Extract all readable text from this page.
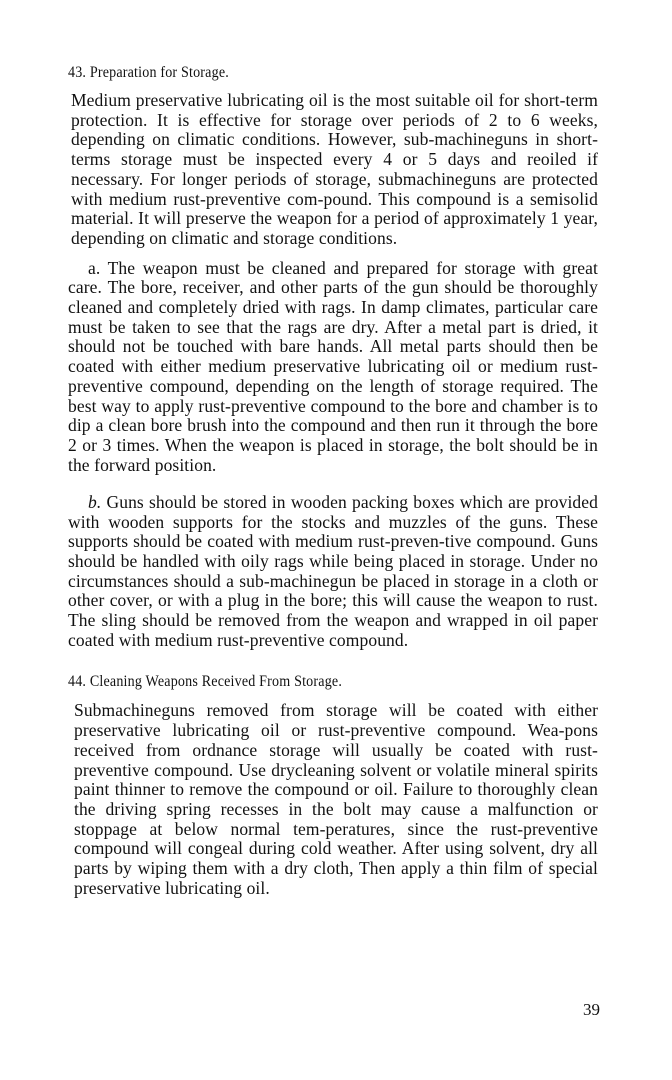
43. Preparation for Storage.

Medium preservative lubricating oil is the most suitable oil for short-term protection. It is effective for storage over periods of 2 to 6 weeks, depending on climatic conditions. However, sub-machineguns in short-terms storage must be inspected every 4 or 5 days and reoiled if necessary. For longer periods of storage, submachineguns are protected with medium rust-preventive com-pound. This compound is a semisolid material. It will preserve the weapon for a period of approximately 1 year, depending on climatic and storage conditions.

a. The weapon must be cleaned and prepared for storage with great care. The bore, receiver, and other parts of the gun should be thoroughly cleaned and completely dried with rags. In damp climates, particular care must be taken to see that the rags are dry. After a metal part is dried, it should not be touched with bare hands. All metal parts should then be coated with either medium preservative lubricating oil or medium rust-preventive compound, depending on the length of storage required. The best way to apply rust-preventive compound to the bore and chamber is to dip a clean bore brush into the compound and then run it through the bore 2 or 3 times. When the weapon is placed in storage, the bolt should be in the forward position.

b. Guns should be stored in wooden packing boxes which are provided with wooden supports for the stocks and muzzles of the guns. These supports should be coated with medium rust-preven-tive compound. Guns should be handled with oily rags while being placed in storage. Under no circumstances should a sub-machinegun be placed in storage in a cloth or other cover, or with a plug in the bore; this will cause the weapon to rust. The sling should be removed from the weapon and wrapped in oil paper coated with medium rust-preventive compound.

44. Cleaning Weapons Received From Storage.

Submachineguns removed from storage will be coated with either preservative lubricating oil or rust-preventive compound. Wea-pons received from ordnance storage will usually be coated with rust-preventive compound. Use drycleaning solvent or volatile mineral spirits paint thinner to remove the compound or oil. Failure to thoroughly clean the driving spring recesses in the bolt may cause a malfunction or stoppage at below normal tem-peratures, since the rust-preventive compound will congeal during cold weather. After using solvent, dry all parts by wiping them with a dry cloth, Then apply a thin film of special preservative lubricating oil.

39
